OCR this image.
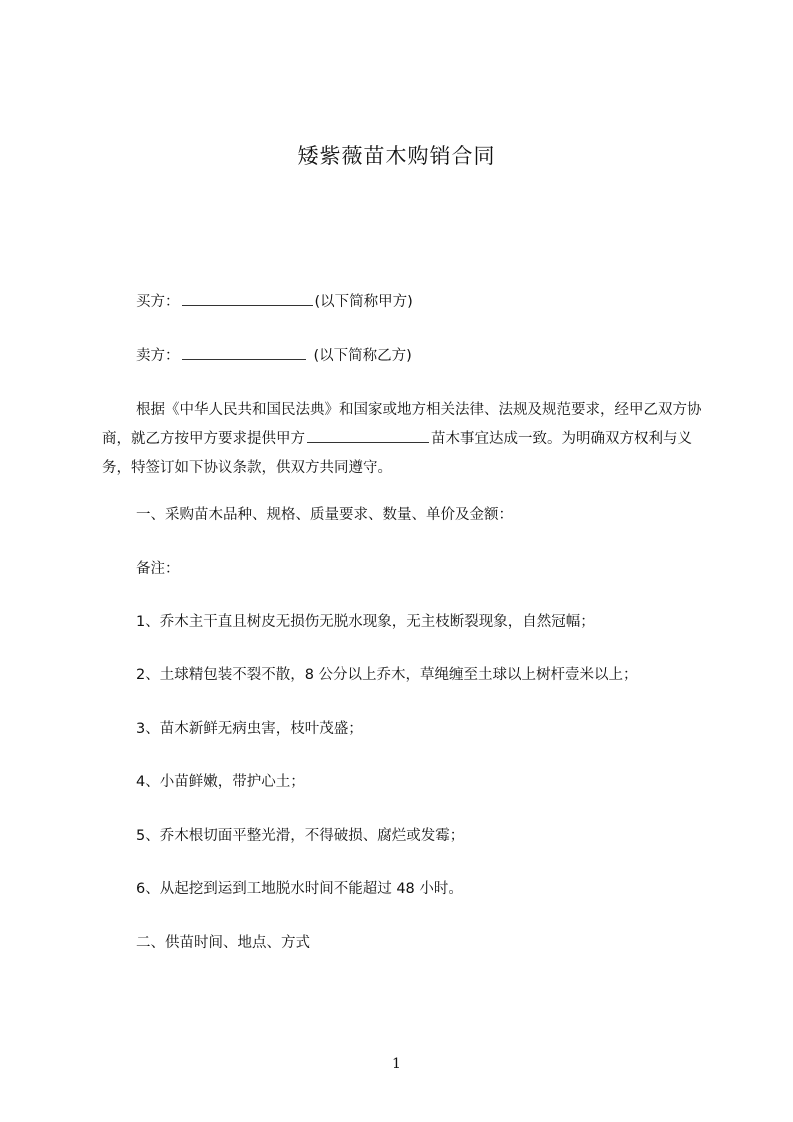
矮紫薇苗木购销合同
买方：	(以下简称甲方)
卖方：	(以下简称乙方)
根据《中华人民共和国民法典》和国家或地方相关法律、法规及规范要求，经甲乙双方协商，就乙方按甲方要求提供甲方	苗木事宜达成一致。为明确双方权利与义务，特签订如下协议条款，供双方共同遵守。
一、采购苗木品种、规格、质量要求、数量、单价及金额：
备注：
1、乔木主干直且树皮无损伤无脱水现象，无主枝断裂现象，自然冠幅；
2、土球精包装不裂不散，8 公分以上乔木，草绳缠至土球以上树杆壹米以上；
3、苗木新鲜无病虫害，枝叶茂盛；
4、小苗鲜嫩，带护心土；
5、乔木根切面平整光滑，不得破损、腐烂或发霉；
6、从起挖到运到工地脱水时间不能超过 48 小时。
二、供苗时间、地点、方式
1
